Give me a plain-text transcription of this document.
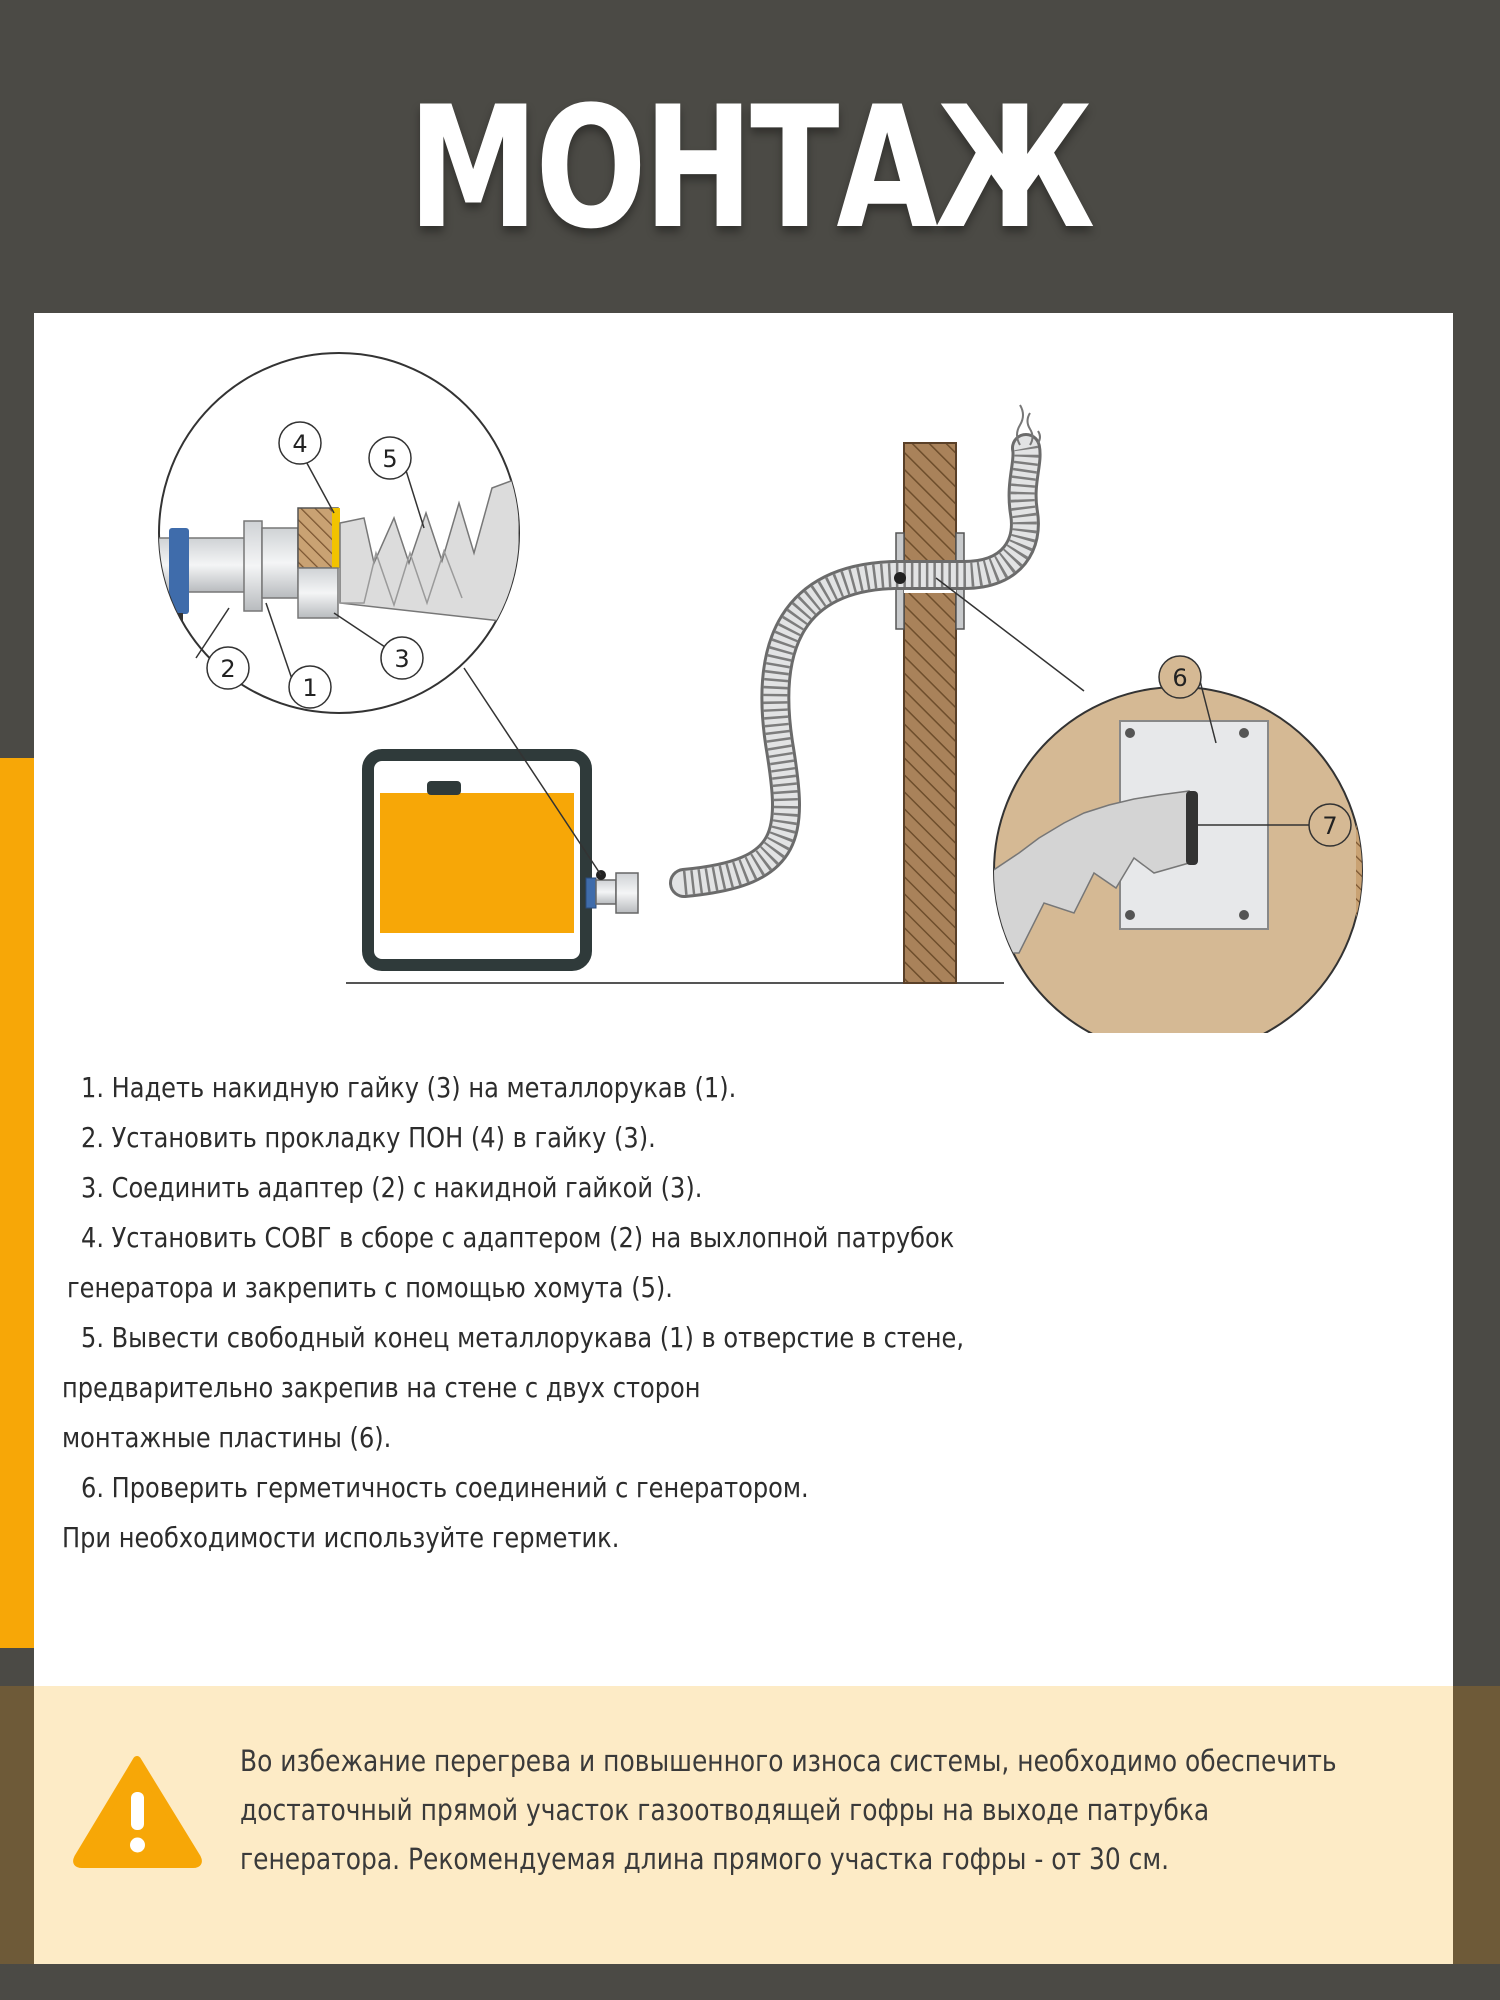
МОНТАЖ
4
5
2
1
3
6
7
1. Надеть накидную гайку (3) на металлорукав (1).
2. Установить прокладку ПОН (4) в гайку (3).
3. Соединить адаптер (2) с накидной гайкой (3).
4. Установить СОВГ в сборе с адаптером (2) на выхлопной патрубок
генератора и закрепить с помощью хомута (5).
5. Вывести свободный конец металлорукава (1) в отверстие в стене,
предварительно закрепив на стене с двух сторон
монтажные пластины (6).
6. Проверить герметичность соединений с генератором.
При необходимости используйте герметик.
Во избежание перегрева и повышенного износа системы, необходимо обеспечить
достаточный прямой участок газоотводящей гофры на выходе патрубка
генератора. Рекомендуемая длина прямого участка гофры - от 30 см.
